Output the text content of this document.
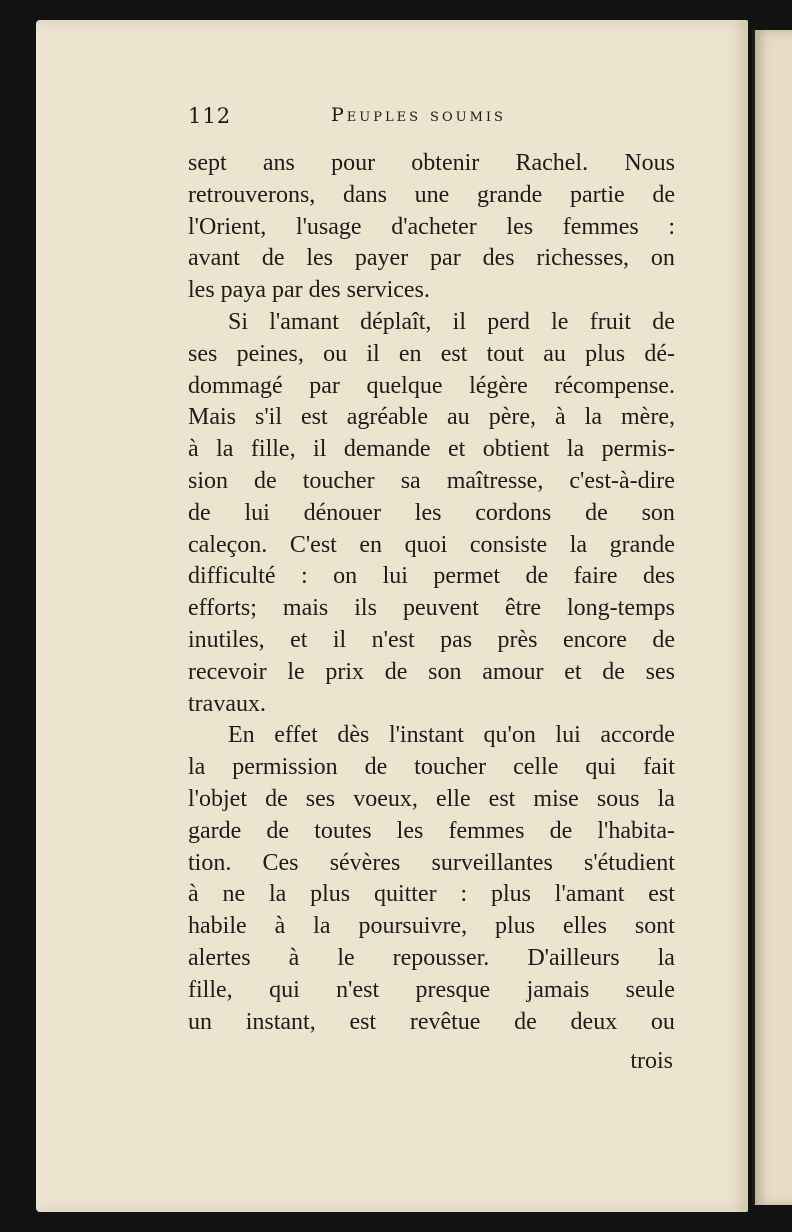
112	Peuples soumis
sept ans pour obtenir Rachel. Nous
retrouverons, dans une grande partie de
l'Orient, l'usage d'acheter les femmes :
avant de les payer par des richesses, on
les paya par des services.
Si l'amant déplaît, il perd le fruit de
ses peines, ou il en est tout au plus dé-
dommagé par quelque légère récompense.
Mais s'il est agréable au père, à la mère,
à la fille, il demande et obtient la permis-
sion de toucher sa maîtresse, c'est-à-dire
de lui dénouer les cordons de son
caleçon. C'est en quoi consiste la grande
difficulté : on lui permet de faire des
efforts; mais ils peuvent être long-temps
inutiles, et il n'est pas près encore de
recevoir le prix de son amour et de ses
travaux.
En effet dès l'instant qu'on lui accorde
la permission de toucher celle qui fait
l'objet de ses voeux, elle est mise sous la
garde de toutes les femmes de l'habita-
tion. Ces sévères surveillantes s'étudient
à ne la plus quitter : plus l'amant est
habile à la poursuivre, plus elles sont
alertes à le repousser. D'ailleurs la
fille, qui n'est presque jamais seule
un instant, est revêtue de deux ou
trois
